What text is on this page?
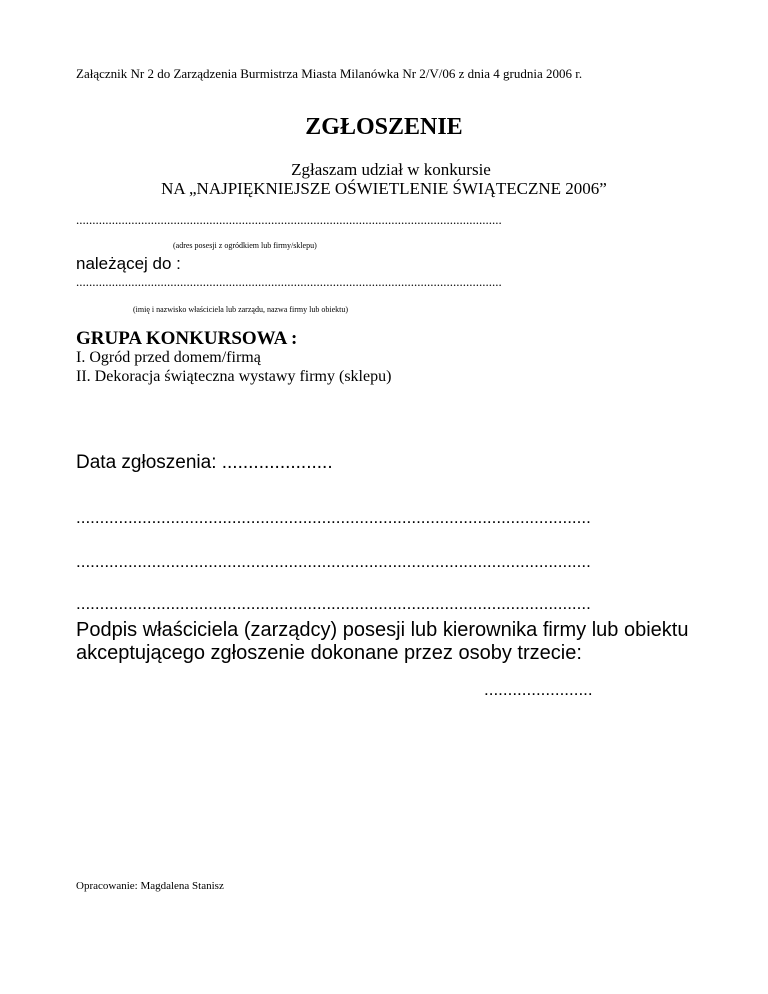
Załącznik Nr 2 do Zarządzenia Burmistrza Miasta Milanówka Nr 2/V/06 z dnia 4 grudnia 2006 r.
ZGŁOSZENIE
Zgłaszam udział w konkursie
NA „NAJPIĘKNIEJSZE OŚWIETLENIE ŚWIĄTECZNE 2006”
...................................................................................................................................
(adres posesji z ogródkiem lub firmy/sklepu)
należącej do :
...................................................................................................................................
(imię i nazwisko właściciela lub zarządu, nazwa firmy lub obiektu)
GRUPA KONKURSOWA :
I. Ogród przed domem/firmą
II. Dekoracja świąteczna wystawy firmy (sklepu)
Data zgłoszenia: .....................
.............................................................................................................
.............................................................................................................
.............................................................................................................
Podpis właściciela (zarządcy) posesji lub kierownika firmy lub obiektu
akceptującego zgłoszenie dokonane przez osoby trzecie:
.......................
Opracowanie: Magdalena Stanisz
